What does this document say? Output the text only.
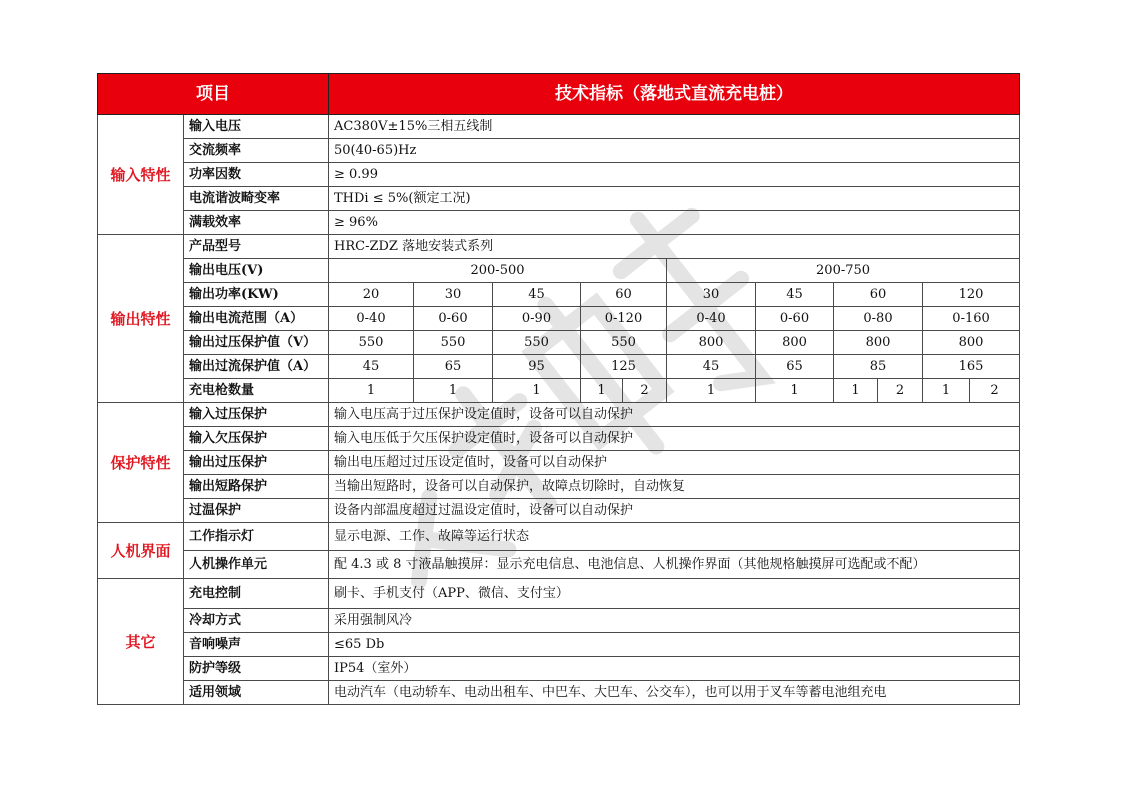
项目		技术指标（落地式直流充电桩）										
输入特性	输入电压	AC380V±15%三相五线制										
	交流频率	50(40-65)Hz										
	功率因数	≥ 0.99										
	电流谐波畸变率	THDi ≤ 5%(额定工况)										
	满载效率	≥ 96%										
输出特性	产品型号	HRC-ZDZ 落地安装式系列										
	输出电压(V)	200-500					200-750					
	输出功率(KW)	20	30	45	60		30	45	60		120	
	输出电流范围（A）	0-40	0-60	0-90	0-120		0-40	0-60	0-80		0-160	
	输出过压保护值（V）	550	550	550	550		800	800	800		800	
	输出过流保护值（A）	45	65	95	125		45	65	85		165	
	充电枪数量	1	1	1	1	2	1	1	1	2	1	2
保护特性	输入过压保护	输入电压高于过压保护设定值时，设备可以自动保护										
	输入欠压保护	输入电压低于欠压保护设定值时，设备可以自动保护										
	输出过压保护	输出电压超过过压设定值时，设备可以自动保护										
	输出短路保护	当输出短路时，设备可以自动保护，故障点切除时，自动恢复										
	过温保护	设备内部温度超过过温设定值时，设备可以自动保护										
人机界面	工作指示灯	显示电源、工作、故障等运行状态										
	人机操作单元	配 4.3 或 8 寸液晶触摸屏：显示充电信息、电池信息、人机操作界面（其他规格触摸屏可选配或不配）										
其它	充电控制	刷卡、手机支付（APP、微信、支付宝）										
	冷却方式	采用强制风冷										
	音响噪声	≤65 Db										
	防护等级	IP54（室外）										
	适用领域	电动汽车（电动轿车、电动出租车、中巴车、大巴车、公交车），也可以用于叉车等蓄电池组充电										
